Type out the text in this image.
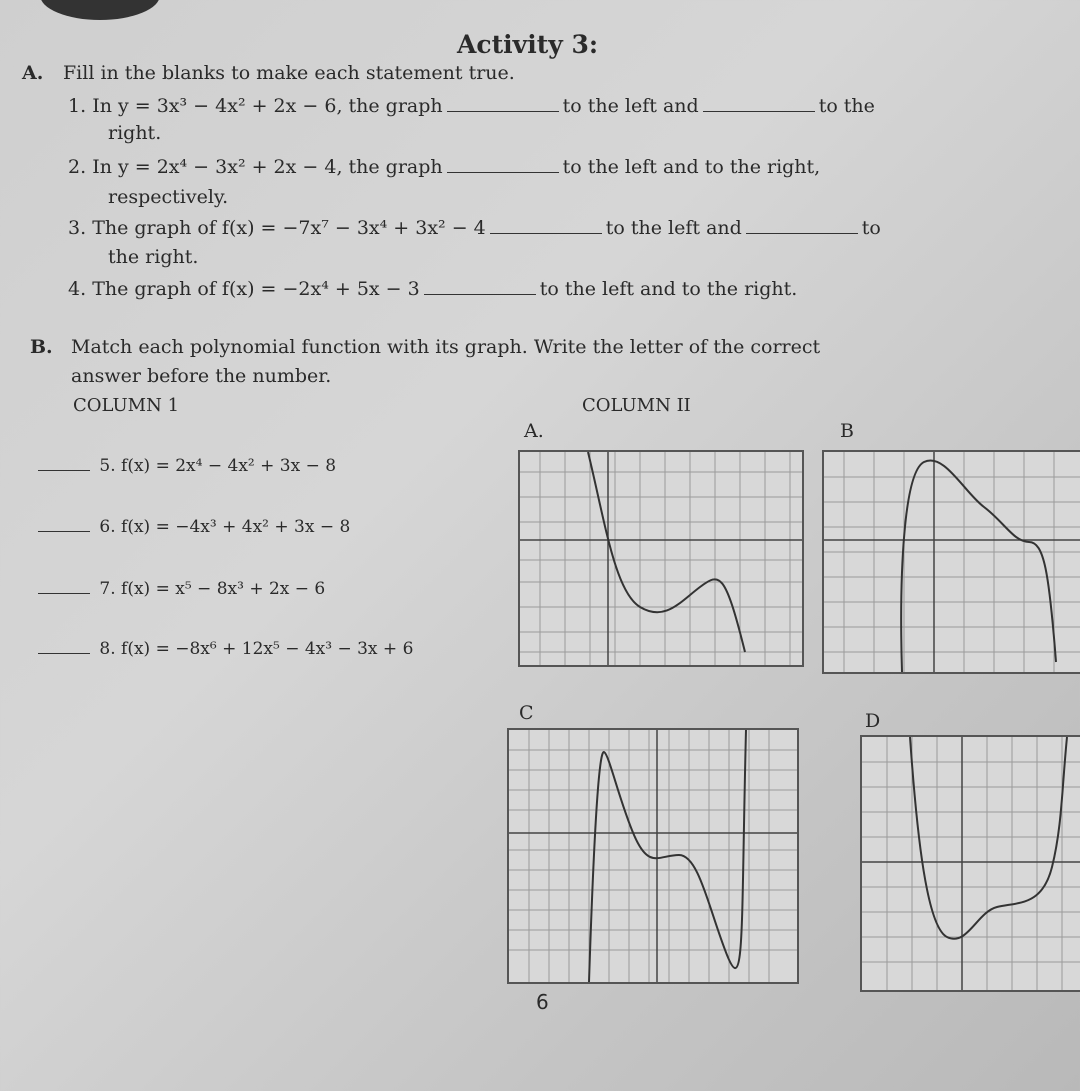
Activity 3:
A. Fill in the blanks to make each statement true.
1. In y = 3x³ − 4x² + 2x − 6, the graph	to the left and	to the
right.
2. In y = 2x⁴ − 3x² + 2x − 4, the graph	to the left and to the right,
respectively.
3. The graph of f(x) = −7x⁷ − 3x⁴ + 3x² − 4	to the left and	to
the right.
4. The graph of f(x) = −2x⁴ + 5x − 3	to the left and to the right.
B. Match each polynomial function with its graph. Write the letter of the correct
answer before the number.
COLUMN 1	COLUMN II
5. f(x) = 2x⁴ − 4x² + 3x − 8
6. f(x) = −4x³ + 4x² + 3x − 8
7. f(x) = x⁵ − 8x³ + 2x − 6
8. f(x) = −8x⁶ + 12x⁵ − 4x³ − 3x + 6
A.	B
C	D
6
